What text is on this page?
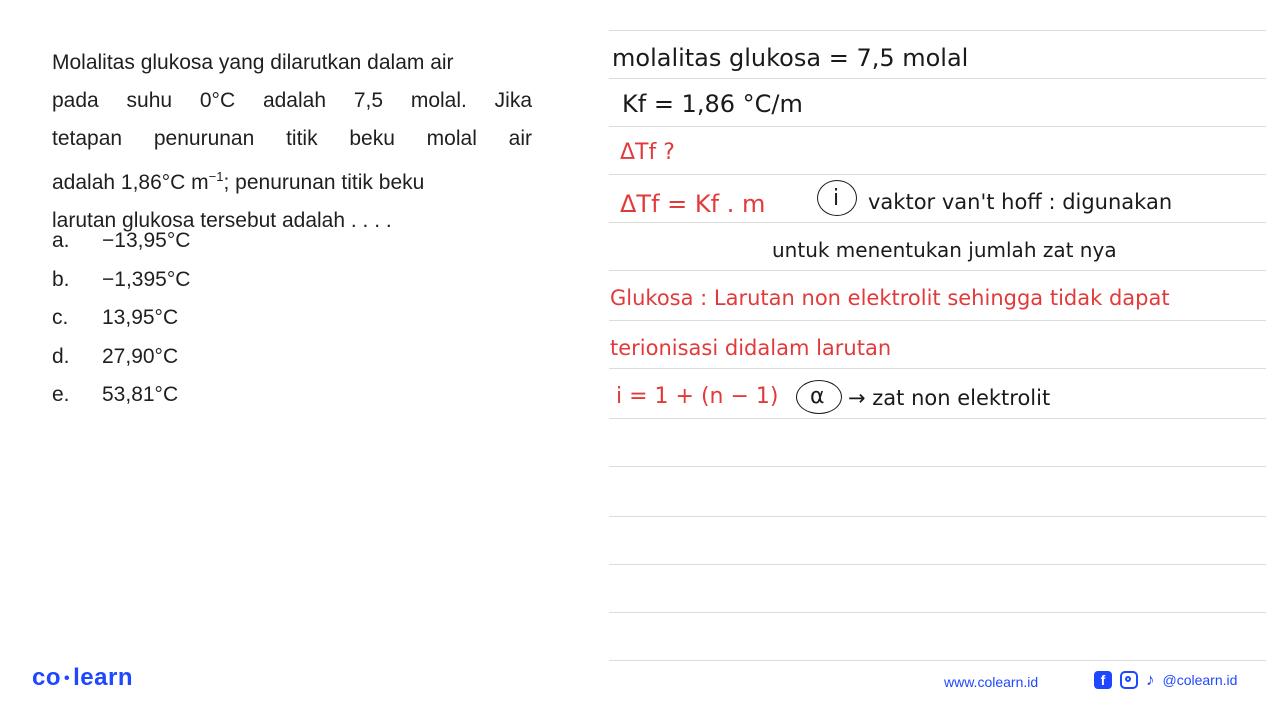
Molalitas glukosa yang dilarutkan dalam air
pada suhu 0°C adalah 7,5 molal. Jika
tetapan penurunan titik beku molal air
adalah 1,86°C $m^{-1}$; penurunan titik beku
larutan glukosa tersebut adalah . . . .
a.	−13,95°C
b.	−1,395°C
c.	13,95°C
d.	27,90°C
e.	53,81°C
molalitas glukosa = 7,5 molal
Kf = 1,86 °C/m
ΔTf ?
ΔTf = Kf . m	i vaktor van't hoff : digunakan
untuk menentukan jumlah zat nya
Glukosa : Larutan non elektrolit sehingga tidak dapat
terionisasi didalam larutan
i = 1 + (n − 1) α → zat non elektrolit
co • learn	www.colearn.id	f	♪ @colearn.id
